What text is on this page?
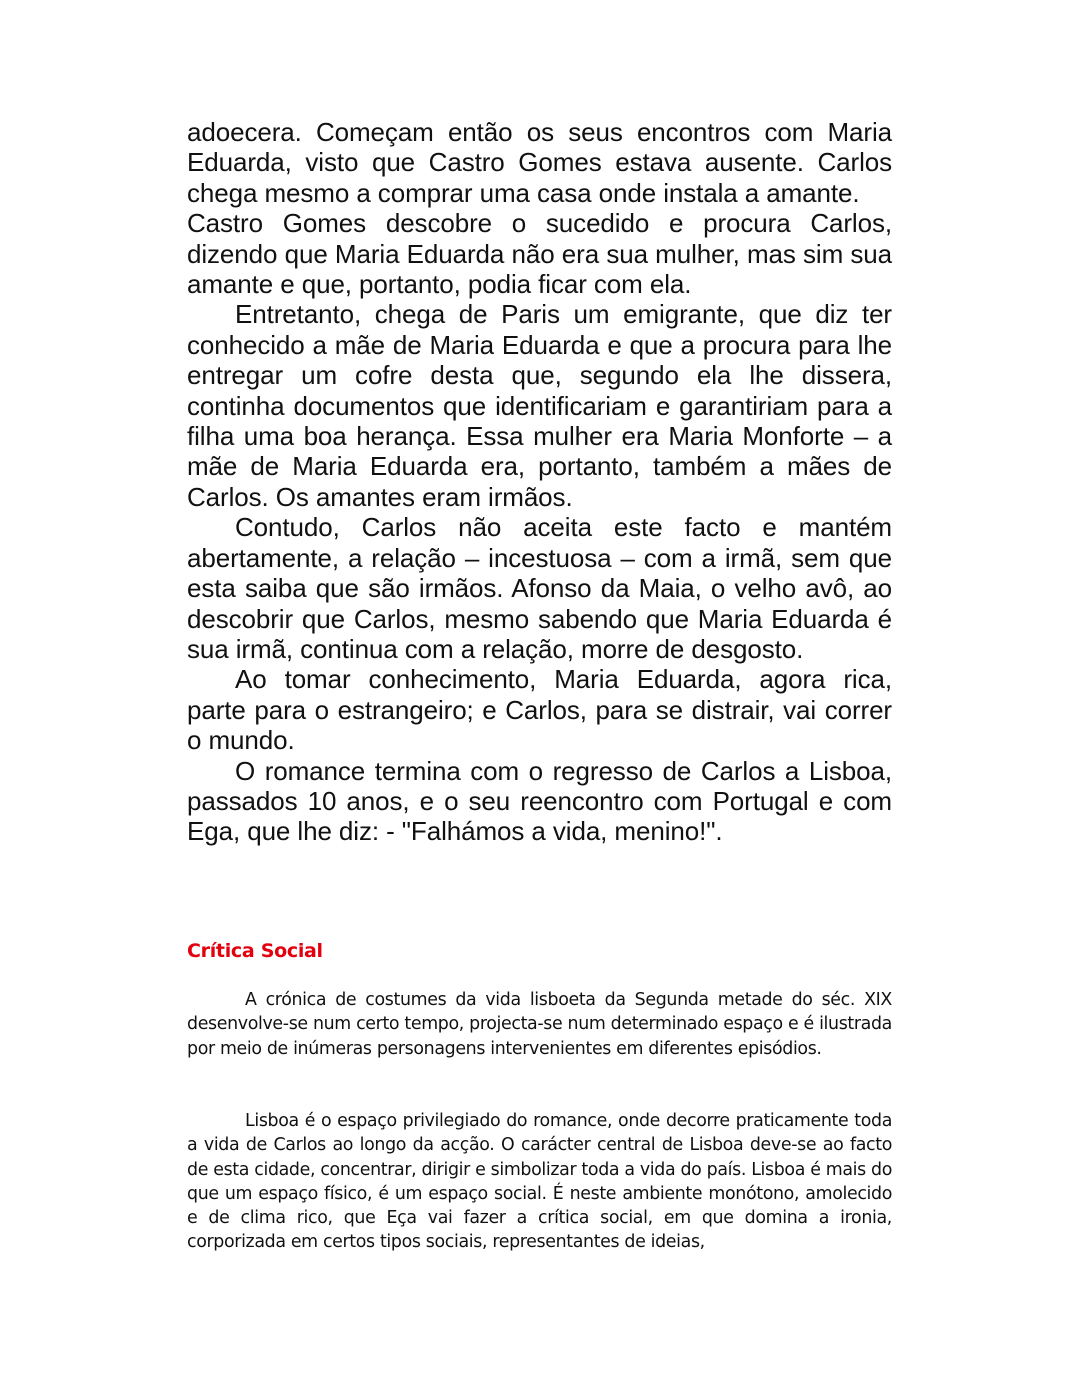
adoecera. Começam então os seus encontros com Maria Eduarda, visto que Castro Gomes estava ausente. Carlos chega mesmo a comprar uma casa onde instala a amante.

Castro Gomes descobre o sucedido e procura Carlos, dizendo que Maria Eduarda não era sua mulher, mas sim sua amante e que, portanto, podia ficar com ela.

Entretanto, chega de Paris um emigrante, que diz ter conhecido a mãe de Maria Eduarda e que a procura para lhe entregar um cofre desta que, segundo ela lhe dissera, continha documentos que identificariam e garantiriam para a filha uma boa herança. Essa mulher era Maria Monforte – a mãe de Maria Eduarda era, portanto, também a mães de Carlos. Os amantes eram irmãos.

Contudo, Carlos não aceita este facto e mantém abertamente, a relação – incestuosa – com a irmã, sem que esta saiba que são irmãos. Afonso da Maia, o velho avô, ao descobrir que Carlos, mesmo sabendo que Maria Eduarda é sua irmã, continua com a relação, morre de desgosto.

Ao tomar conhecimento, Maria Eduarda, agora rica, parte para o estrangeiro; e Carlos, para se distrair, vai correr o mundo.

O romance termina com o regresso de Carlos a Lisboa, passados 10 anos, e o seu reencontro com Portugal e com Ega, que lhe diz: - "Falhámos a vida, menino!".

Crítica Social

A crónica de costumes da vida lisboeta da Segunda metade do séc. XIX desenvolve-se num certo tempo, projecta-se num determinado espaço e é ilustrada por meio de inúmeras personagens intervenientes em diferentes episódios.

Lisboa é o espaço privilegiado do romance, onde decorre praticamente toda a vida de Carlos ao longo da acção. O carácter central de Lisboa deve-se ao facto de esta cidade, concentrar, dirigir e simbolizar toda a vida do país. Lisboa é mais do que um espaço físico, é um espaço social. É neste ambiente monótono, amolecido e de clima rico, que Eça vai fazer a crítica social, em que domina a ironia, corporizada em certos tipos sociais, representantes de ideias,
